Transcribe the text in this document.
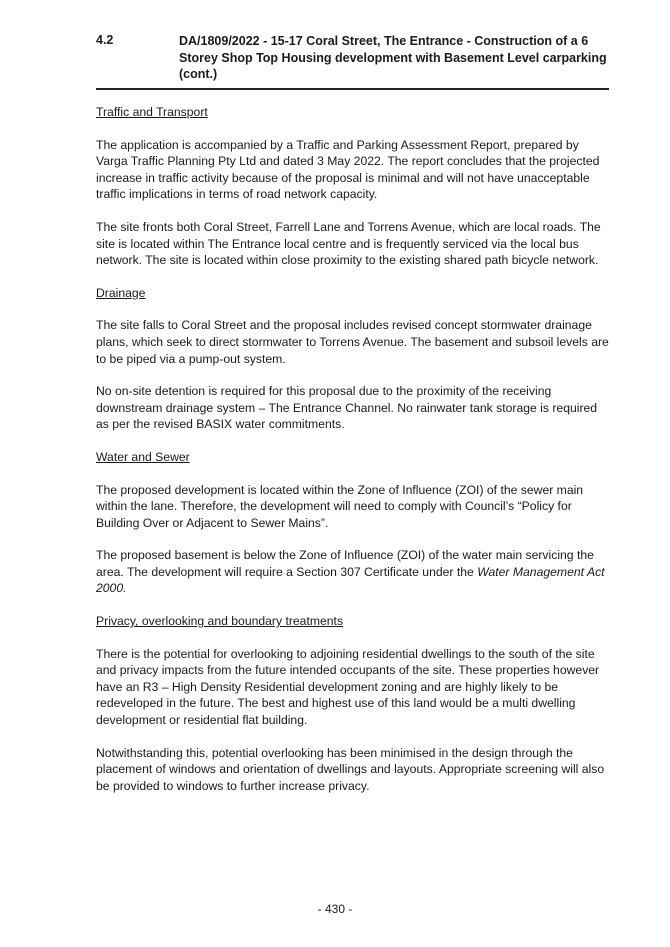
4.2	DA/1809/2022 - 15-17 Coral Street, The Entrance - Construction of a 6 Storey Shop Top Housing development with Basement Level carparking (cont.)
Traffic and Transport
The application is accompanied by a Traffic and Parking Assessment Report, prepared by Varga Traffic Planning Pty Ltd and dated 3 May 2022. The report concludes that the projected increase in traffic activity because of the proposal is minimal and will not have unacceptable traffic implications in terms of road network capacity.
The site fronts both Coral Street, Farrell Lane and Torrens Avenue, which are local roads. The site is located within The Entrance local centre and is frequently serviced via the local bus network. The site is located within close proximity to the existing shared path bicycle network.
Drainage
The site falls to Coral Street and the proposal includes revised concept stormwater drainage plans, which seek to direct stormwater to Torrens Avenue. The basement and subsoil levels are to be piped via a pump-out system.
No on-site detention is required for this proposal due to the proximity of the receiving downstream drainage system – The Entrance Channel. No rainwater tank storage is required as per the revised BASIX water commitments.
Water and Sewer
The proposed development is located within the Zone of Influence (ZOI) of the sewer main within the lane. Therefore, the development will need to comply with Council’s “Policy for Building Over or Adjacent to Sewer Mains”.
The proposed basement is below the Zone of Influence (ZOI) of the water main servicing the area. The development will require a Section 307 Certificate under the Water Management Act 2000.
Privacy, overlooking and boundary treatments
There is the potential for overlooking to adjoining residential dwellings to the south of the site and privacy impacts from the future intended occupants of the site. These properties however have an R3 – High Density Residential development zoning and are highly likely to be redeveloped in the future. The best and highest use of this land would be a multi dwelling development or residential flat building.
Notwithstanding this, potential overlooking has been minimised in the design through the placement of windows and orientation of dwellings and layouts. Appropriate screening will also be provided to windows to further increase privacy.
- 430 -
